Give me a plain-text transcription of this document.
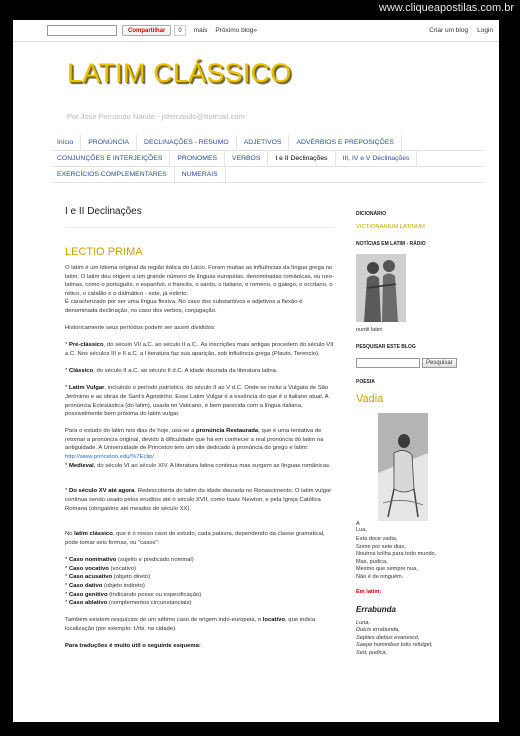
www.cliqueapostilas.com.br
Compartilhar	0	mais Próximo blog»	Criar um blog Login
LATIM CLÁSSICO
Por José Fernando Nandé - jsfernando@hotmail.com
Início	PRONÚNCIA	DECLINAÇÕES - RESUMO	ADJETIVOS	ADVÉRBIOS E PREPOSIÇÕES
CONJUNÇÕES E INTERJEIÇÕES	PRONOMES	VERBOS	I e II Declinações	III, IV e V Declinações
EXERCÍCIOS COMPLEMENTARES	NUMERAIS
I e II Declinações
LECTIO PRIMA

O latim é um idioma original da região itálica do Lácio. Foram muitas as influências da língua grega no latim. O latim deu origem a um grande número de línguas européias, denominadas românicas, ou neo-latinas, como o português, o espanhol, o francês, o sardo, o italiano, o romeno, o galego, o occitano, o rético, o catalão e o dálmático - este, já extinto.
É caracterizado por ser uma língua flexiva. No caso dos substantivos e adjetivos a flexão é denominada declinação, no caso dos verbos, conjugação.

Historicamente seus períodos podem ser assim divididos:

* Pré-clássico, do século VII a.C. ao século II a.C.. As inscrições mais antigas procedem do século VII a.C. Nos séculos III e II a.C. a l iteratura faz sua aparição, sob influência grega (Plauto, Terencio).

* Clássico, do século II a.C. ao século II d.C. A idade dourada da literatura latina.

* Latim Vulgar, incluindo o período patrístico, do século II ao V d.C. Onde se inclui a Vulgata de São Jerônimo e as obras de Sant’s Agostinho. Esse Latim Vulgar é a essência do que é o italiano atual. A pronúncia Eclesiástica (do latim), usada no Vaticano, é bem parecida com a língua italiana, possivelmente bem próxima do latim vulgar.

Para o estudo do latim nos dias de hoje, usa-se a pronúncia Restaurada, que é uma tentativa de retomar a pronúncia original, devido à dificuldade que há em conhecer a real pronúncia do latim na antiguidade. A Universidade de Princeton tem um site dedicado à pronúncia do grego e latim: http://www.princeton.edu/%7Eclip/
* Medieval, do século VI ao século XIV. A literatura latina continua mas surgem as línguas românicas.

* Do século XV até agora. Redescoberta do latim da idade dourada no Renascimento. O latim vulgar continua sendo usado pelos eruditos até o século XVII, como Isaac Newton, e pela Igreja Católica Romana (obrigatório até meados do século XX).

No latim clássico, que é o nosso caso de estudo, cada palavra, dependendo da classe gramatical, pode tomar seis formas, ou "casos":

* Caso nominativo (sujeito e predicado nominal)
* Caso vocativo (vocativo)
* Caso acusativo (objeto direto)
* Caso dativo (objeto indireto)
* Caso genitivo (indicando posse ou especificação)
* Caso ablativo (complementos circunstanciais)

Também existem resquícios de um sétimo caso de origem indo-europeia, o locativo, que indica localização (por exemplo: Urbi, na cidade).

Para traduções é muito útil o seguinte esquema:

DICIONÁRIO
VICTIONARIUM LATINUM
NOTÍCIAS EM LATIM - RÁDIO
nuntii latini
PESQUISAR ESTE BLOG
Pesquisar
POESIA
Vadia
A
Lua,
Esta doce vadia,
Some por sete dias,
Noutros brilha para todo mundo,
Mas, pudica,
Mesmo que sempre nua,
Não é de ninguém.
Em latim:
Errabunda
Luna,
Dulcis errabunda,
Septies diebus evanescit,
Saepe hominibus totis refulget,
Sed, pudica,
